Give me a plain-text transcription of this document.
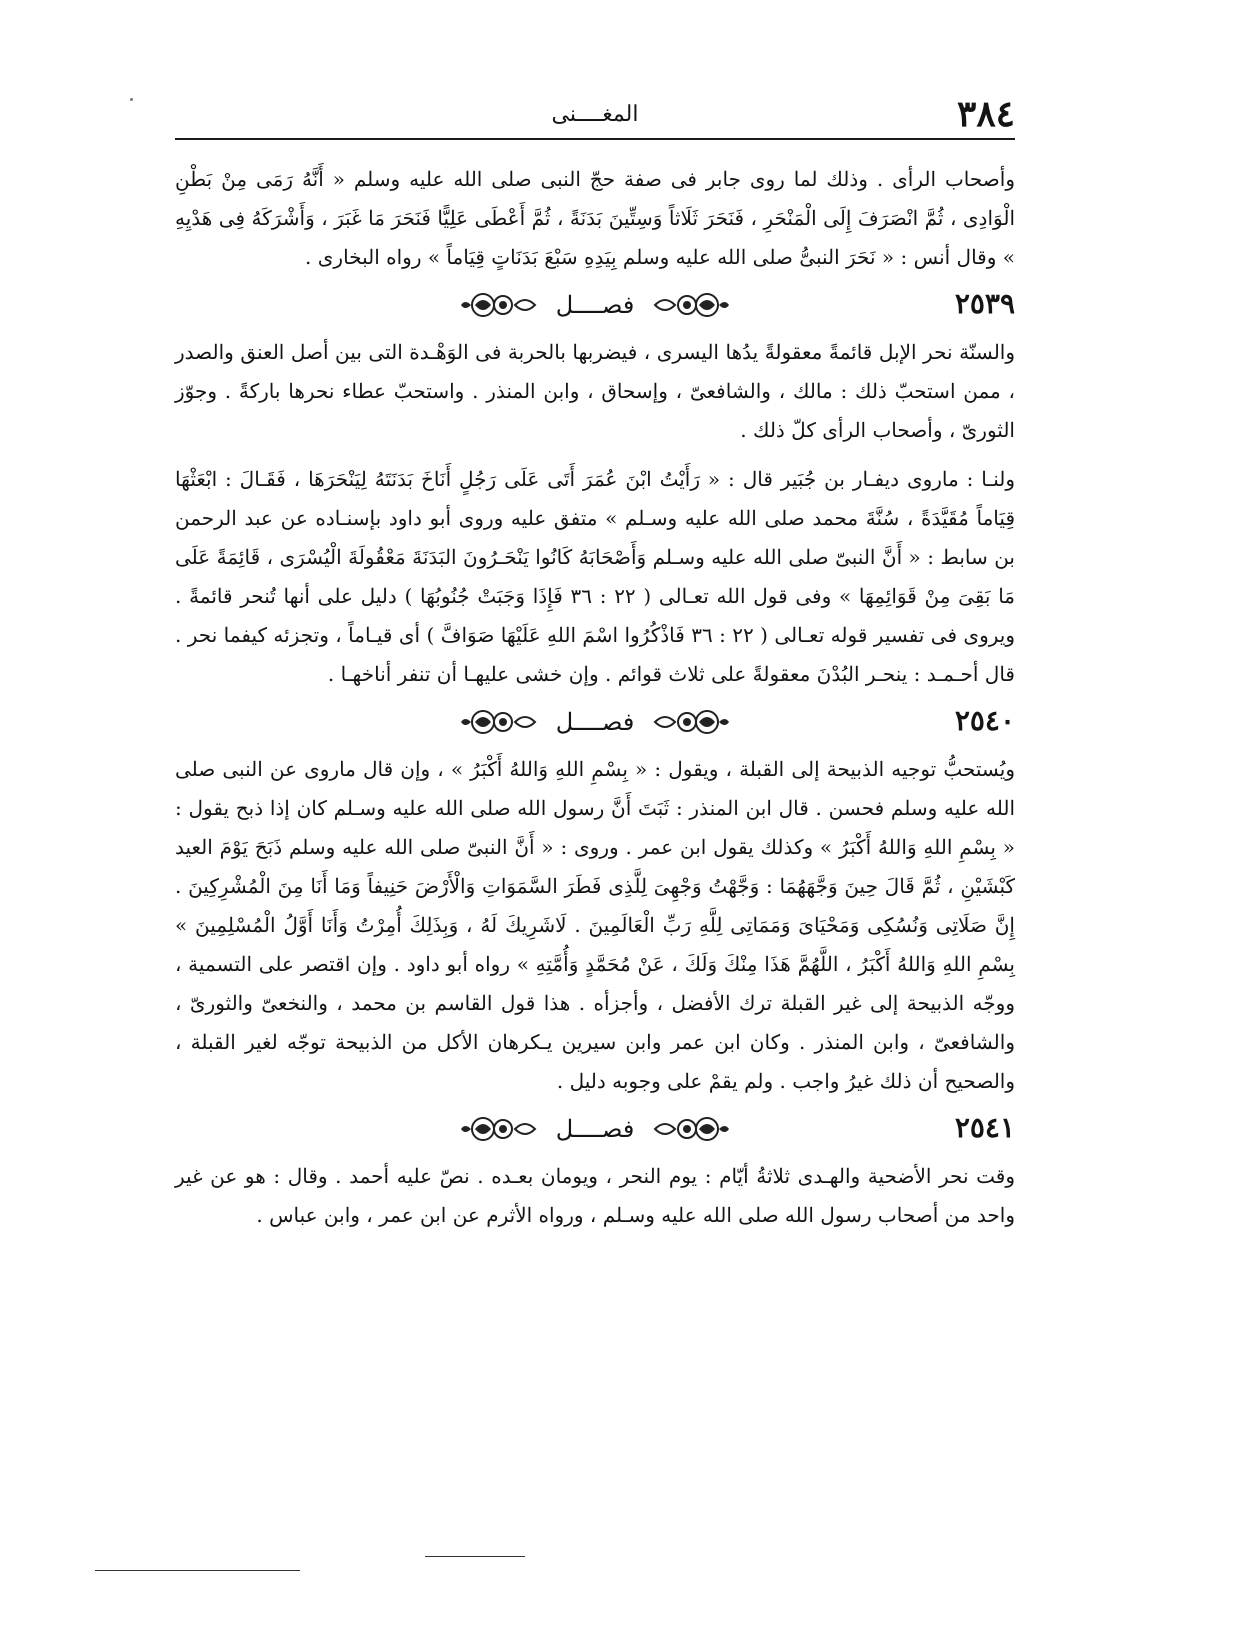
٣٨٤
المغــــنى

وأصحاب الرأى . وذلك لما روى جابر فى صفة حجّ النبى صلى الله عليه وسلم « أَنَّهُ رَمَى مِنْ بَطْنِ الْوَادِى ، ثُمَّ انْصَرَفَ إِلَى الْمَنْحَرِ ، فَنَحَرَ ثَلَاثاً وَسِتِّينَ بَدَنَةً ، ثُمَّ أَعْطَى عَلِيًّا فَنَحَرَ مَا غَبَرَ ، وَأَشْرَكَهُ فِى هَدْيِهِ » وقال أنس : « نَحَرَ النبىُّ صلى الله عليه وسلم بِيَدِهِ سَبْعَ بَدَنَاتٍ قِيَاماً » رواه البخارى .

٢٥٣٩
فصــــل

والسنّة نحر الإبل قائمةً معقولةً يدُها اليسرى ، فيضربها بالحربة فى الوَهْـدة التى بين أصل العنق والصدر ، ممن استحبّ ذلك : مالك ، والشافعىّ ، وإسحاق ، وابن المنذر . واستحبّ عطاء نحرها باركةً . وجوّز الثورىّ ، وأصحاب الرأى كلّ ذلك .

ولنـا : ماروى ديفـار بن جُبَير قال : « رَأَيْتُ ابْنَ عُمَرَ أَتَى عَلَى رَجُلٍ أَنَاخَ بَدَنَتَهُ لِيَنْحَرَهَا ، فَقَـالَ : ابْعَثْهَا قِيَاماً مُقَيَّدَةً ، سُنَّةَ محمد صلى الله عليه وسـلم » متفق عليه وروى أبو داود بإسنـاده عن عبد الرحمن بن سابط : « أَنَّ النبىّ صلى الله عليه وسـلم وَأَصْحَابَهُ كَانُوا يَنْحَـرُونَ البَدَنَةَ مَعْقُولَةَ الْيُسْرَى ، قَائِمَةً عَلَى مَا بَقِىَ مِنْ قَوَائِمِهَا » وفى قول الله تعـالى ( ٢٢ : ٣٦ فَإِذَا وَجَبَتْ جُنُوبُهَا ) دليل على أنها تُنحر قائمةً . ويروى فى تفسير قوله تعـالى ( ٢٢ : ٣٦ فَاذْكُرُوا اسْمَ اللهِ عَلَيْهَا صَوَافَّ ) أى قيـاماً ، وتجزئه كيفما نحر . قال أحـمـد : ينحـر البُدْنَ معقولةً على ثلاث قوائم . وإن خشى عليهـا أن تنفر أناخهـا .

٢٥٤٠
فصــــل

ويُستحبُّ توجيه الذبيحة إلى القبلة ، ويقول : « بِسْمِ اللهِ وَاللهُ أَكْبَرُ » ، وإن قال ماروى عن النبى صلى الله عليه وسلم فحسن . قال ابن المنذر : ثَبَتَ أَنَّ رسول الله صلى الله عليه وسـلم كان إذا ذبح يقول : « بِسْمِ اللهِ وَاللهُ أَكْبَرُ » وكذلك يقول ابن عمر . وروى : « أَنَّ النبىّ صلى الله عليه وسلم ذَبَحَ يَوْمَ العيد كَبْشَيْنِ ، ثُمَّ قَالَ حِينَ وَجَّهَهُمَا : وَجَّهْتُ وَجْهِىَ لِلَّذِى فَطَرَ السَّمَوَاتِ وَالْأَرْضَ حَنِيفاً وَمَا أَنَا مِنَ الْمُشْرِكِينَ . إِنَّ صَلَاتِى وَنُسُكِى وَمَحْيَاىَ وَمَمَاتِى لِلَّهِ رَبِّ الْعَالَمِينَ . لَاشَرِيكَ لَهُ ، وَبِذَلِكَ أُمِرْتُ وَأَنَا أَوَّلُ الْمُسْلِمِينَ » بِسْمِ اللهِ وَاللهُ أَكْبَرُ ، اللَّهُمَّ هَذَا مِنْكَ وَلَكَ ، عَنْ مُحَمَّدٍ وَأُمَّتِهِ » رواه أبو داود . وإن اقتصر على التسمية ، ووجّه الذبيحة إلى غير القبلة ترك الأفضل ، وأجزأه . هذا قول القاسم بن محمد ، والنخعىّ والثورىّ ، والشافعىّ ، وابن المنذر . وكان ابن عمر وابن سيرين يـكرهان الأكل من الذبيحة توجّه لغير القبلة ، والصحيح أن ذلك غيرُ واجب . ولم يقمْ على وجوبه دليل .

٢٥٤١
فصــــل

وقت نحر الأضحية والهـدى ثلاثةُ أيّام : يوم النحر ، ويومان بعـده . نصّ عليه أحمد . وقال : هو عن غير واحد من أصحاب رسول الله صلى الله عليه وسـلم ، ورواه الأثرم عن ابن عمر ، وابن عباس .
